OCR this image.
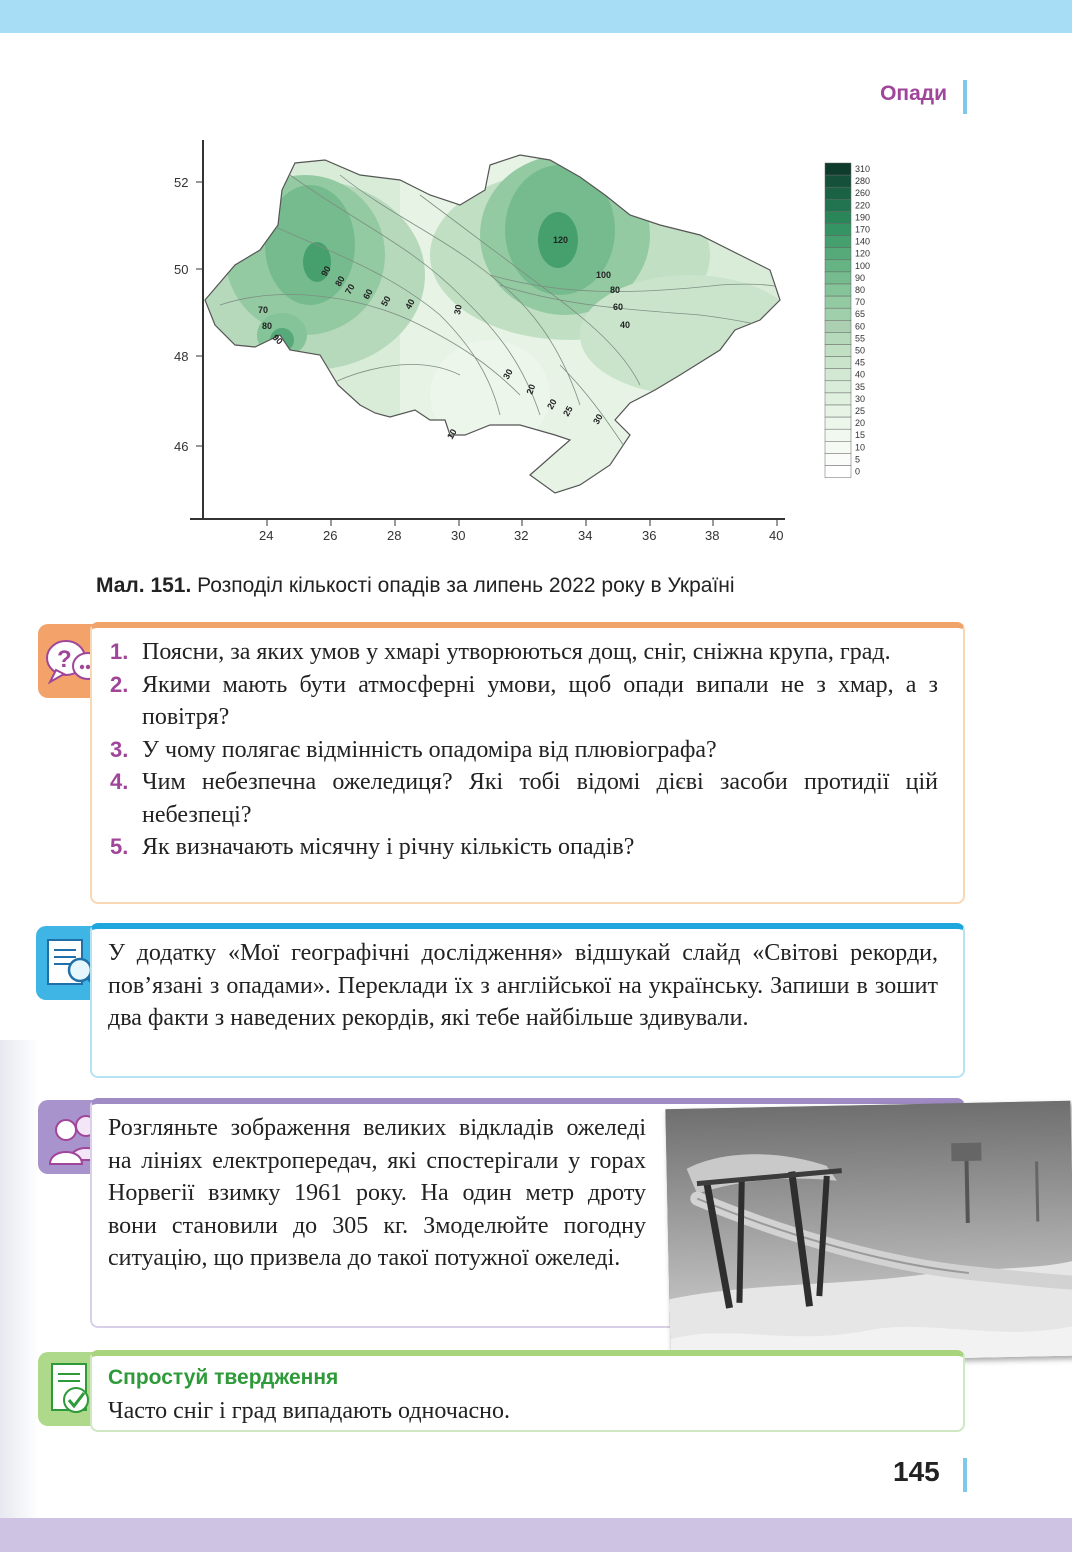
Опади
52
50
48
46
24	26	28	30	32	34	36	38	40
120
100
80
60
40
90
80
70 60
50 40	30
70
80
90
30
20
20
25
30
10
310
280
260
220
190
170
140
120
100
90
80
70
65
60
55
50
45
40
35
30
25
20
15
10
5
0
Мал. 151. Розподіл кількості опадів за липень 2022 року в Україні
? 1. Поясни, за яких умов у хмарі утворюються дощ, сніг, сніжна крупа, град.
2. Якими мають бути атмосферні умови, щоб опади випали не з хмар, а з повітря?
3. У чому полягає відмінність опадоміра від плювіографа?
4. Чим небезпечна ожеледиця? Які тобі відомі дієві засоби протидії цій небезпеці?
5. Як визначають місячну і річну кількість опадів?
У додатку «Мої географічні дослідження» відшукай слайд «Світові рекорди, пов’язані з опадами». Переклади їх з англійської на українську. Запиши в зошит два факти з наведених рекордів, які тебе найбільше здивували.
Розгляньте зображення великих відкладів ожеледі на лініях електропередач, які спостерігали у горах Норвегії взимку 1961 року. На один метр дроту вони становили до 305 кг. Змоделюйте погодну ситуацію, що призвела до такої потужної ожеледі.
Спростуй твердження
Часто сніг і град випадають одночасно.
145
